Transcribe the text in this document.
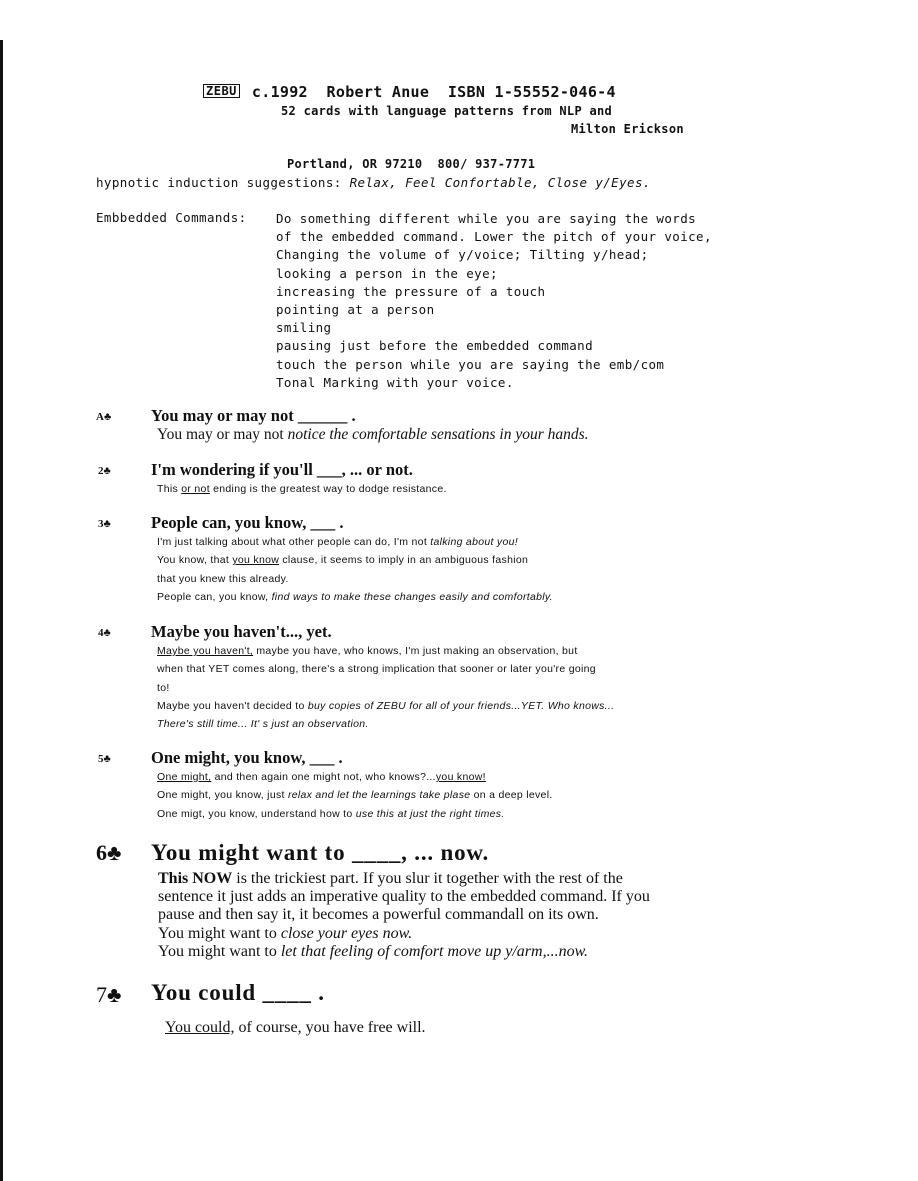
ZEBU c.1992  Robert Anue  ISBN 1-55552-046-4
52 cards with language patterns from NLP and
Milton Erickson
Portland, OR 97210  800/ 937-7771
hypnotic induction suggestions: Relax, Feel Confortable, Close y/Eyes.
Embbedded Commands: Do something different while you are saying the words
of the embedded command. Lower the pitch of your voice,
Changing the volume of y/voice; Tilting y/head;
looking a person in the eye;
increasing the pressure of a touch
pointing at a person
smiling
pausing just before the embedded command
touch the person while you are saying the emb/com
Tonal Marking with your voice.
A♣ You may or may not ______ .
You may or may not notice the comfortable sensations in your hands.
2♣ I'm wondering if you'll ___, ... or not.
This or not ending is the greatest way to dodge resistance.
3♣ People can, you know, ___ .
I'm just talking about what other people can do, I'm not talking about you!
You know, that you know clause, it seems to imply in an ambiguous fashion
that you knew this already.
People can, you know, find ways to make these changes easily and comfortably.
4♣ Maybe you haven't..., yet.
Maybe you haven't, maybe you have, who knows, I'm just making an observation, but
when that YET comes along, there's a strong implication that sooner or later you're going
to!
Maybe you haven't decided to buy copies of ZEBU for all of your friends...YET. Who knows...
There's still time... It' s just an observation.
5♣ One might, you know, ___ .
One might, and then again one might not, who knows?...you know!
One might, you know, just relax and let the learnings take plase on a deep level.
One migt, you know, understand how to use this at just the right times.
6♣ You might want to ____, ... now.
This NOW is the trickiest part. If you slur it together with the rest of the
sentence it just adds an imperative quality to the embedded command. If you
pause and then say it, it becomes a powerful commandall on its own.
You might want to close your eyes now.
You might want to let that feeling of comfort move up y/arm,...now.
7♣ You could ____ .
You could, of course, you have free will.
